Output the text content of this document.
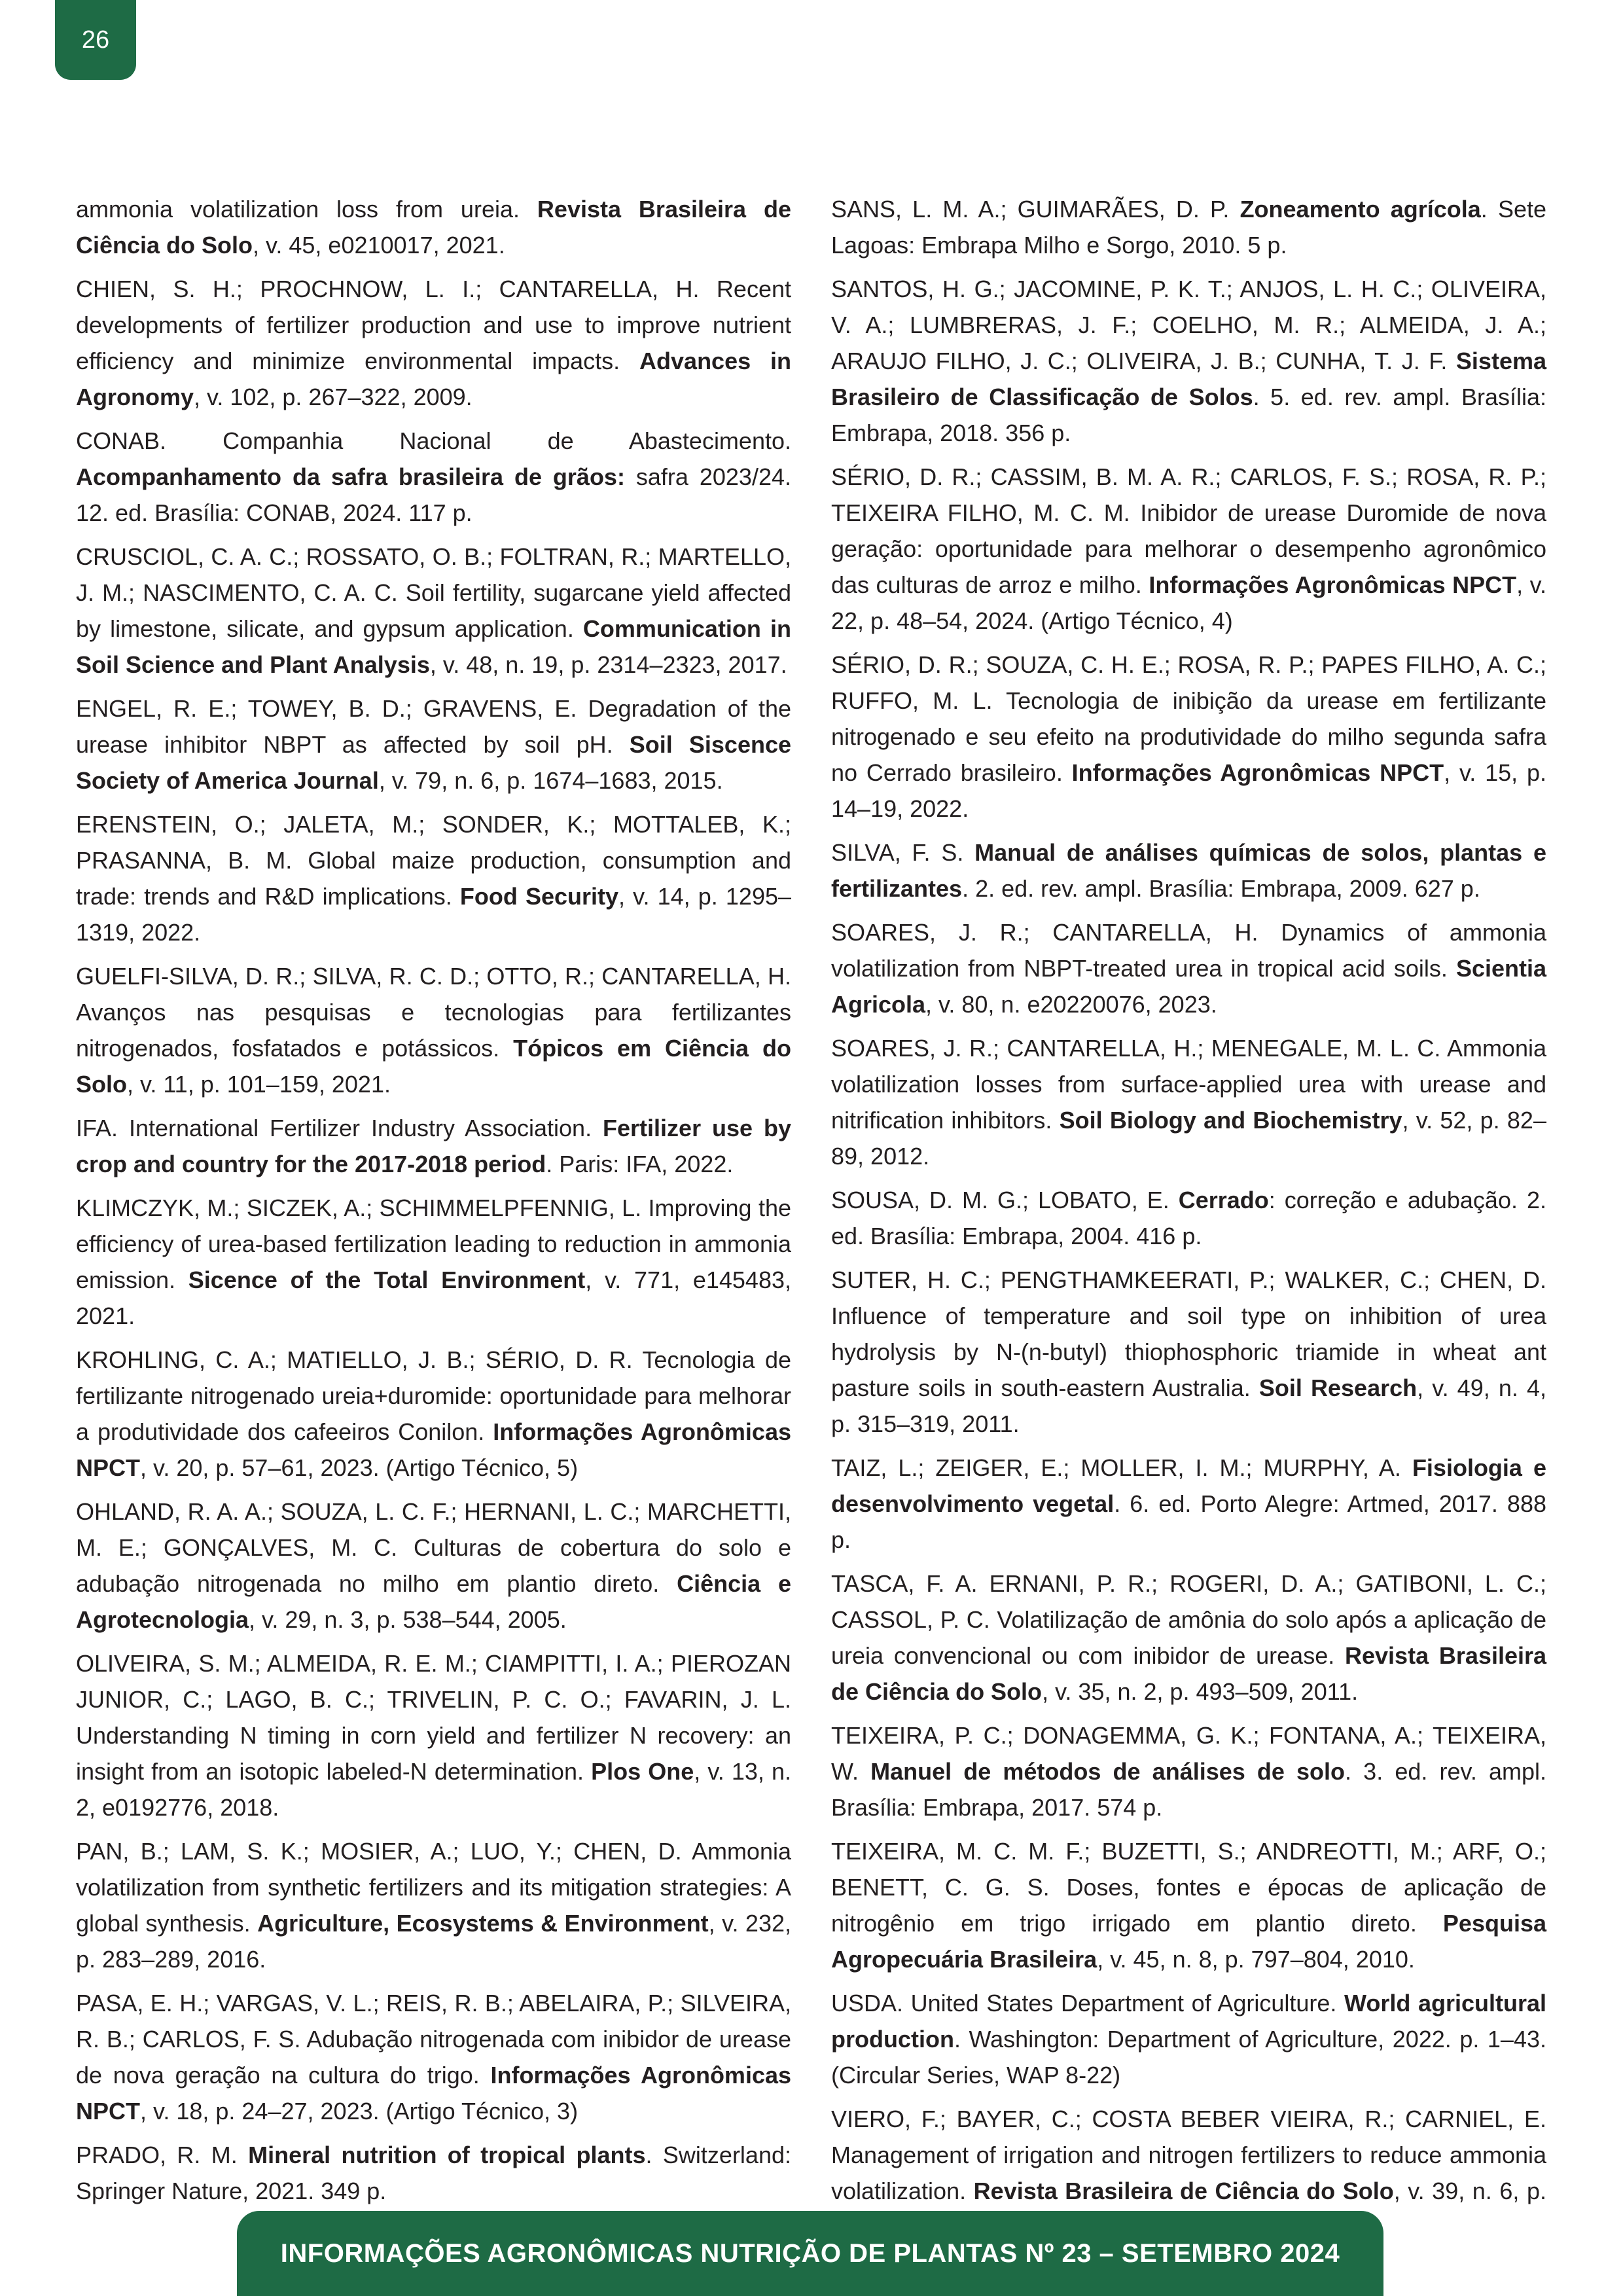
26

ammonia volatilization loss from ureia. Revista Brasileira de Ciência do Solo, v. 45, e0210017, 2021.

CHIEN, S. H.; PROCHNOW, L. I.; CANTARELLA, H. Recent developments of fertilizer production and use to improve nutrient efficiency and minimize environmental impacts. Advances in Agronomy, v. 102, p. 267–322, 2009.

CONAB. Companhia Nacional de Abastecimento. Acompanhamento da safra brasileira de grãos: safra 2023/24. 12. ed. Brasília: CONAB, 2024. 117 p.

CRUSCIOL, C. A. C.; ROSSATO, O. B.; FOLTRAN, R.; MARTELLO, J. M.; NASCIMENTO, C. A. C. Soil fertility, sugarcane yield affected by limestone, silicate, and gypsum application. Communication in Soil Science and Plant Analysis, v. 48, n. 19, p. 2314–2323, 2017.

ENGEL, R. E.; TOWEY, B. D.; GRAVENS, E. Degradation of the urease inhibitor NBPT as affected by soil pH. Soil Siscence Society of America Journal, v. 79, n. 6, p. 1674–1683, 2015.

ERENSTEIN, O.; JALETA, M.; SONDER, K.; MOTTALEB, K.; PRASANNA, B. M. Global maize production, consumption and trade: trends and R&D implications. Food Security, v. 14, p. 1295–1319, 2022.

GUELFI-SILVA, D. R.; SILVA, R. C. D.; OTTO, R.; CANTARELLA, H. Avanços nas pesquisas e tecnologias para fertilizantes nitrogenados, fosfatados e potássicos. Tópicos em Ciência do Solo, v. 11, p. 101–159, 2021.

IFA. International Fertilizer Industry Association. Fertilizer use by crop and country for the 2017-2018 period. Paris: IFA, 2022.

KLIMCZYK, M.; SICZEK, A.; SCHIMMELPFENNIG, L. Improving the efficiency of urea-based fertilization leading to reduction in ammonia emission. Sicence of the Total Environment, v. 771, e145483, 2021.

KROHLING, C. A.; MATIELLO, J. B.; SÉRIO, D. R. Tecnologia de fertilizante nitrogenado ureia+duromide: oportunidade para melhorar a produtividade dos cafeeiros Conilon. Informações Agronômicas NPCT, v. 20, p. 57–61, 2023. (Artigo Técnico, 5)

OHLAND, R. A. A.; SOUZA, L. C. F.; HERNANI, L. C.; MARCHETTI, M. E.; GONÇALVES, M. C. Culturas de cobertura do solo e adubação nitrogenada no milho em plantio direto. Ciência e Agrotecnologia, v. 29, n. 3, p. 538–544, 2005.

OLIVEIRA, S. M.; ALMEIDA, R. E. M.; CIAMPITTI, I. A.; PIEROZAN JUNIOR, C.; LAGO, B. C.; TRIVELIN, P. C. O.; FAVARIN, J. L. Understanding N timing in corn yield and fertilizer N recovery: an insight from an isotopic labeled-N determination. Plos One, v. 13, n. 2, e0192776, 2018.

PAN, B.; LAM, S. K.; MOSIER, A.; LUO, Y.; CHEN, D. Ammonia volatilization from synthetic fertilizers and its mitigation strategies: A global synthesis. Agriculture, Ecosystems & Environment, v. 232, p. 283–289, 2016.

PASA, E. H.; VARGAS, V. L.; REIS, R. B.; ABELAIRA, P.; SILVEIRA, R. B.; CARLOS, F. S. Adubação nitrogenada com inibidor de urease de nova geração na cultura do trigo. Informações Agronômicas NPCT, v. 18, p. 24–27, 2023. (Artigo Técnico, 3)

PRADO, R. M. Mineral nutrition of tropical plants. Switzerland: Springer Nature, 2021. 349 p.

SANS, L. M. A.; GUIMARÃES, D. P. Zoneamento agrícola. Sete Lagoas: Embrapa Milho e Sorgo, 2010. 5 p.

SANTOS, H. G.; JACOMINE, P. K. T.; ANJOS, L. H. C.; OLIVEIRA, V. A.; LUMBRERAS, J. F.; COELHO, M. R.; ALMEIDA, J. A.; ARAUJO FILHO, J. C.; OLIVEIRA, J. B.; CUNHA, T. J. F. Sistema Brasileiro de Classificação de Solos. 5. ed. rev. ampl. Brasília: Embrapa, 2018. 356 p.

SÉRIO, D. R.; CASSIM, B. M. A. R.; CARLOS, F. S.; ROSA, R. P.; TEIXEIRA FILHO, M. C. M. Inibidor de urease Duromide de nova geração: oportunidade para melhorar o desempenho agronômico das culturas de arroz e milho. Informações Agronômicas NPCT, v. 22, p. 48–54, 2024. (Artigo Técnico, 4)

SÉRIO, D. R.; SOUZA, C. H. E.; ROSA, R. P.; PAPES FILHO, A. C.; RUFFO, M. L. Tecnologia de inibição da urease em fertilizante nitrogenado e seu efeito na produtividade do milho segunda safra no Cerrado brasileiro. Informações Agronômicas NPCT, v. 15, p. 14–19, 2022.

SILVA, F. S. Manual de análises químicas de solos, plantas e fertilizantes. 2. ed. rev. ampl. Brasília: Embrapa, 2009. 627 p.

SOARES, J. R.; CANTARELLA, H. Dynamics of ammonia volatilization from NBPT-treated urea in tropical acid soils. Scientia Agricola, v. 80, n. e20220076, 2023.

SOARES, J. R.; CANTARELLA, H.; MENEGALE, M. L. C. Ammonia volatilization losses from surface-applied urea with urease and nitrification inhibitors. Soil Biology and Biochemistry, v. 52, p. 82–89, 2012.

SOUSA, D. M. G.; LOBATO, E. Cerrado: correção e adubação. 2. ed. Brasília: Embrapa, 2004. 416 p.

SUTER, H. C.; PENGTHAMKEERATI, P.; WALKER, C.; CHEN, D. Influence of temperature and soil type on inhibition of urea hydrolysis by N-(n-butyl) thiophosphoric triamide in wheat ant pasture soils in south-eastern Australia. Soil Research, v. 49, n. 4, p. 315–319, 2011.

TAIZ, L.; ZEIGER, E.; MOLLER, I. M.; MURPHY, A. Fisiologia e desenvolvimento vegetal. 6. ed. Porto Alegre: Artmed, 2017. 888 p.

TASCA, F. A. ERNANI, P. R.; ROGERI, D. A.; GATIBONI, L. C.; CASSOL, P. C. Volatilização de amônia do solo após a aplicação de ureia convencional ou com inibidor de urease. Revista Brasileira de Ciência do Solo, v. 35, n. 2, p. 493–509, 2011.

TEIXEIRA, P. C.; DONAGEMMA, G. K.; FONTANA, A.; TEIXEIRA, W. Manuel de métodos de análises de solo. 3. ed. rev. ampl. Brasília: Embrapa, 2017. 574 p.

TEIXEIRA, M. C. M. F.; BUZETTI, S.; ANDREOTTI, M.; ARF, O.; BENETT, C. G. S. Doses, fontes e épocas de aplicação de nitrogênio em trigo irrigado em plantio direto. Pesquisa Agropecuária Brasileira, v. 45, n. 8, p. 797–804, 2010.

USDA. United States Department of Agriculture. World agricultural production. Washington: Department of Agriculture, 2022. p. 1–43. (Circular Series, WAP 8-22)

VIERO, F.; BAYER, C.; COSTA BEBER VIEIRA, R.; CARNIEL, E. Management of irrigation and nitrogen fertilizers to reduce ammonia volatilization. Revista Brasileira de Ciência do Solo, v. 39, n. 6, p.

INFORMAÇÕES AGRONÔMICAS NUTRIÇÃO DE PLANTAS Nº 23 – SETEMBRO 2024
